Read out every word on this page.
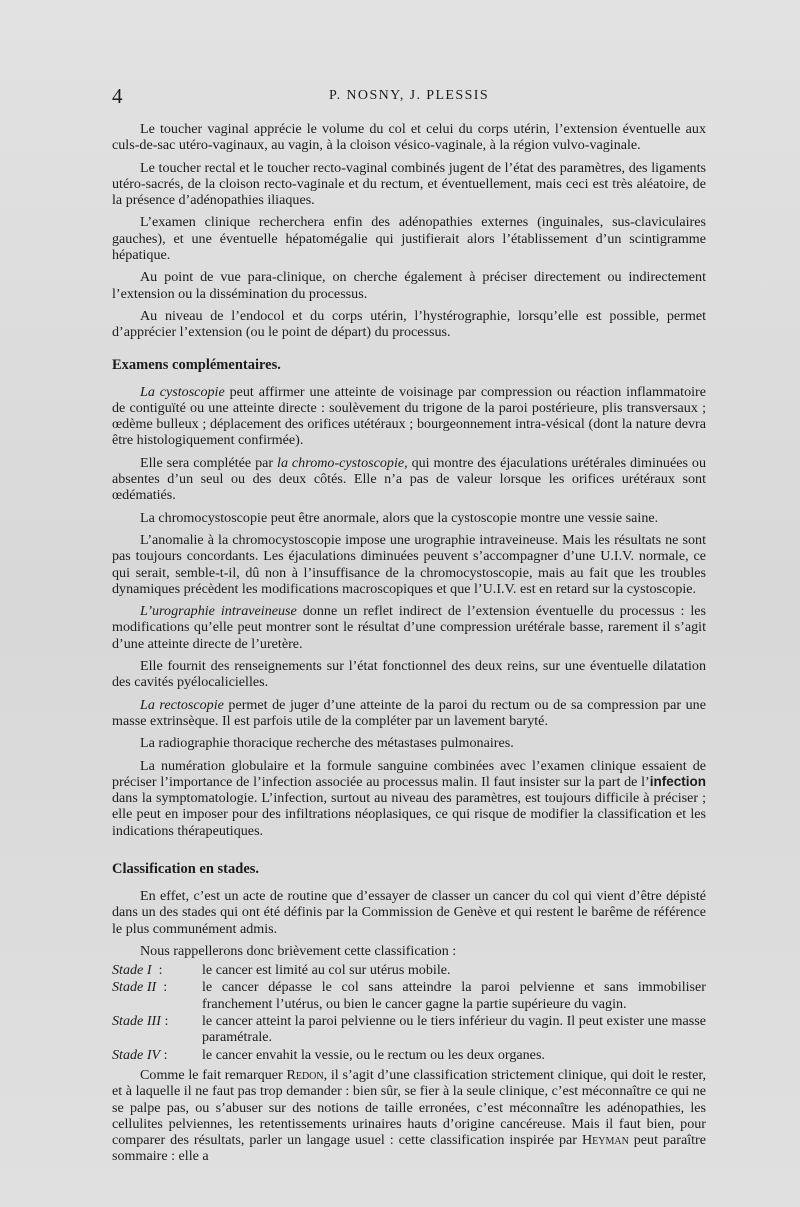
4	P. NOSNY, J. PLESSIS

Le toucher vaginal apprécie le volume du col et celui du corps utérin, l’extension éventuelle aux culs-de-sac utéro-vaginaux, au vagin, à la cloison vésico-vaginale, à la région vulvo-vaginale.

Le toucher rectal et le toucher recto-vaginal combinés jugent de l’état des paramètres, des ligaments utéro-sacrés, de la cloison recto-vaginale et du rectum, et éventuellement, mais ceci est très aléatoire, de la présence d’adénopathies iliaques.

L’examen clinique recherchera enfin des adénopathies externes (inguinales, sus-claviculaires gauches), et une éventuelle hépatomégalie qui justifierait alors l’établissement d’un scintigramme hépatique.

Au point de vue para-clinique, on cherche également à préciser directement ou indirectement l’extension ou la dissémination du processus.

Au niveau de l’endocol et du corps utérin, l’hystérographie, lorsqu’elle est possible, permet d’apprécier l’extension (ou le point de départ) du processus.

Examens complémentaires.

La cystoscopie peut affirmer une atteinte de voisinage par compression ou réaction inflammatoire de contiguïté ou une atteinte directe : soulèvement du trigone de la paroi postérieure, plis transversaux ; œdème bulleux ; déplacement des orifices utétéraux ; bourgeonnement intra-vésical (dont la nature devra être histologiquement confirmée).

Elle sera complétée par la chromo-cystoscopie, qui montre des éjaculations urétérales diminuées ou absentes d’un seul ou des deux côtés. Elle n’a pas de valeur lorsque les orifices urétéraux sont œdématiés.

La chromocystoscopie peut être anormale, alors que la cystoscopie montre une vessie saine.

L’anomalie à la chromocystoscopie impose une urographie intraveineuse. Mais les résultats ne sont pas toujours concordants. Les éjaculations diminuées peuvent s’accompagner d’une U.I.V. normale, ce qui serait, semble-t-il, dû non à l’insuffisance de la chromocystoscopie, mais au fait que les troubles dynamiques précèdent les modifications macroscopiques et que l’U.I.V. est en retard sur la cystoscopie.

L’urographie intraveineuse donne un reflet indirect de l’extension éventuelle du processus : les modifications qu’elle peut montrer sont le résultat d’une compression urétérale basse, rarement il s’agit d’une atteinte directe de l’uretère.

Elle fournit des renseignements sur l’état fonctionnel des deux reins, sur une éventuelle dilatation des cavités pyélocalicielles.

La rectoscopie permet de juger d’une atteinte de la paroi du rectum ou de sa compression par une masse extrinsèque. Il est parfois utile de la compléter par un lavement baryté.

La radiographie thoracique recherche des métastases pulmonaires.

La numération globulaire et la formule sanguine combinées avec l’examen clinique essaient de préciser l’importance de l’infection associée au processus malin. Il faut insister sur la part de l’infection dans la symptomatologie. L’infection, surtout au niveau des paramètres, est toujours difficile à préciser ; elle peut en imposer pour des infiltrations néoplasiques, ce qui risque de modifier la classification et les indications thérapeutiques.

Classification en stades.

En effet, c’est un acte de routine que d’essayer de classer un cancer du col qui vient d’être dépisté dans un des stades qui ont été définis par la Commission de Genève et qui restent le barême de référence le plus communément admis.

Nous rappellerons donc brièvement cette classification :

Stade I :	le cancer est limité au col sur utérus mobile.
Stade II :	le cancer dépasse le col sans atteindre la paroi pelvienne et sans immobiliser franchement l’utérus, ou bien le cancer gagne la partie supérieure du vagin.
Stade III :	le cancer atteint la paroi pelvienne ou le tiers inférieur du vagin. Il peut exister une masse paramétrale.
Stade IV :	le cancer envahit la vessie, ou le rectum ou les deux organes.

Comme le fait remarquer Redon, il s’agit d’une classification strictement clinique, qui doit le rester, et à laquelle il ne faut pas trop demander : bien sûr, se fier à la seule clinique, c’est méconnaître ce qui ne se palpe pas, ou s’abuser sur des notions de taille erronées, c’est méconnaître les adénopathies, les cellulites pelviennes, les retentissements urinaires hauts d’origine cancéreuse. Mais il faut bien, pour comparer des résultats, parler un langage usuel : cette classification inspirée par Heyman peut paraître sommaire : elle a
